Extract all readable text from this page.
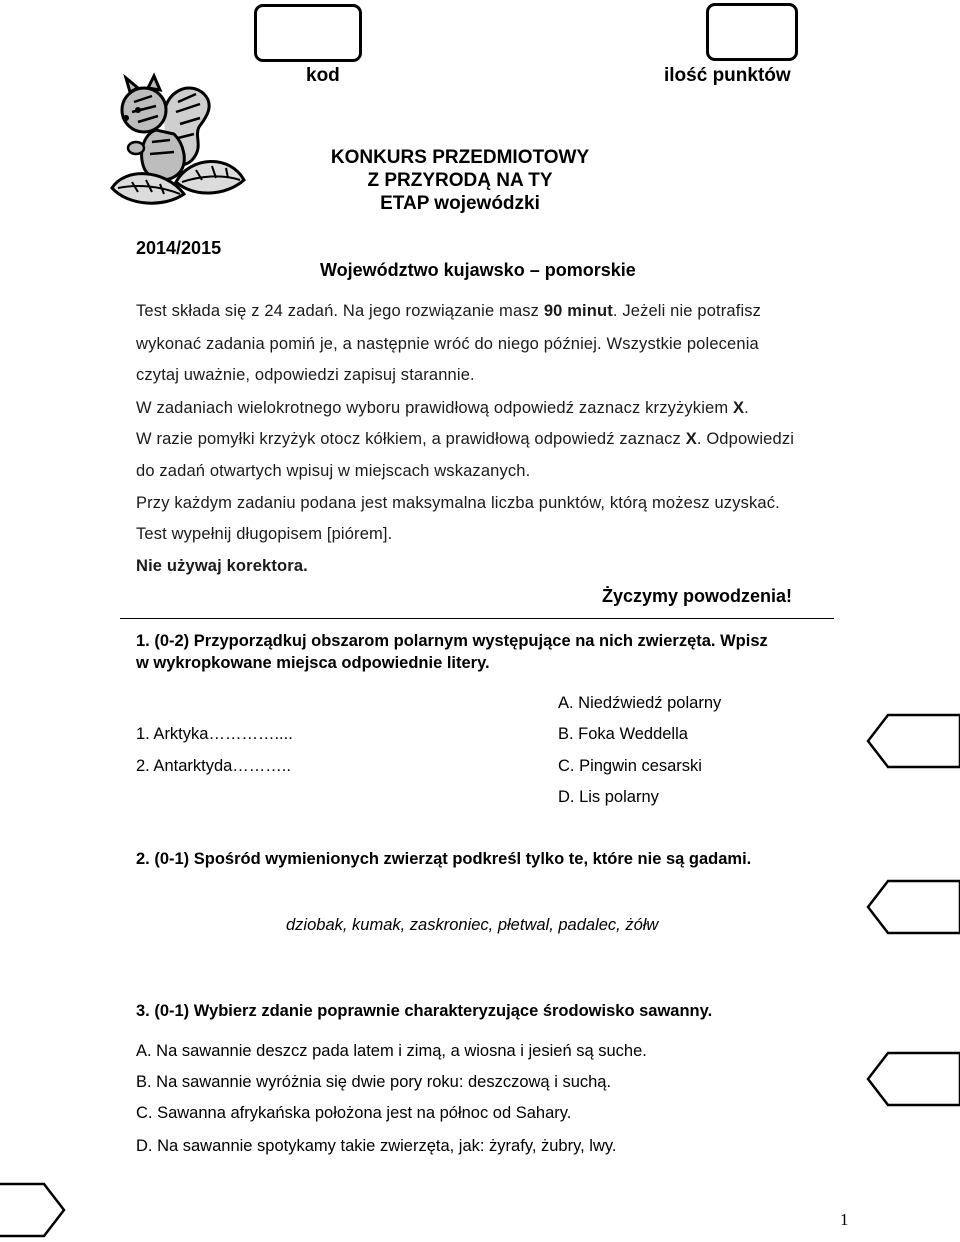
kod	ilość punktów
KONKURS PRZEDMIOTOWY
Z PRZYRODĄ NA TY
ETAP wojewódzki
2014/2015
Województwo kujawsko – pomorskie
Test składa się z 24 zadań. Na jego rozwiązanie masz 90 minut. Jeżeli nie potrafisz
wykonać zadania pomiń je, a następnie wróć do niego później. Wszystkie polecenia
czytaj uważnie, odpowiedzi zapisuj starannie.
W zadaniach wielokrotnego wyboru prawidłową odpowiedź zaznacz krzyżykiem X.
W razie pomyłki krzyżyk otocz kółkiem, a prawidłową odpowiedź zaznacz X. Odpowiedzi
do zadań otwartych wpisuj w miejscach wskazanych.
Przy każdym zadaniu podana jest maksymalna liczba punktów, którą możesz uzyskać.
Test wypełnij długopisem [piórem].
Nie używaj korektora.
Życzymy powodzenia!
1. (0-2) Przyporządkuj obszarom polarnym występujące na nich zwierzęta. Wpisz
w wykropkowane miejsca odpowiednie litery.
A. Niedźwiedź polarny
1. Arktyka…………....	B. Foka Weddella
2. Antarktyda………..	C. Pingwin cesarski
D. Lis polarny
2. (0-1) Spośród wymienionych zwierząt podkreśl tylko te, które nie są gadami.
dziobak, kumak, zaskroniec, płetwal, padalec, żółw
3. (0-1) Wybierz zdanie poprawnie charakteryzujące środowisko sawanny.
A. Na sawannie deszcz pada latem i zimą, a wiosna i jesień są suche.
B. Na sawannie wyróżnia się dwie pory roku: deszczową i suchą.
C. Sawanna afrykańska położona jest na północ od Sahary.
D. Na sawannie spotykamy takie zwierzęta, jak: żyrafy, żubry, lwy.
1
